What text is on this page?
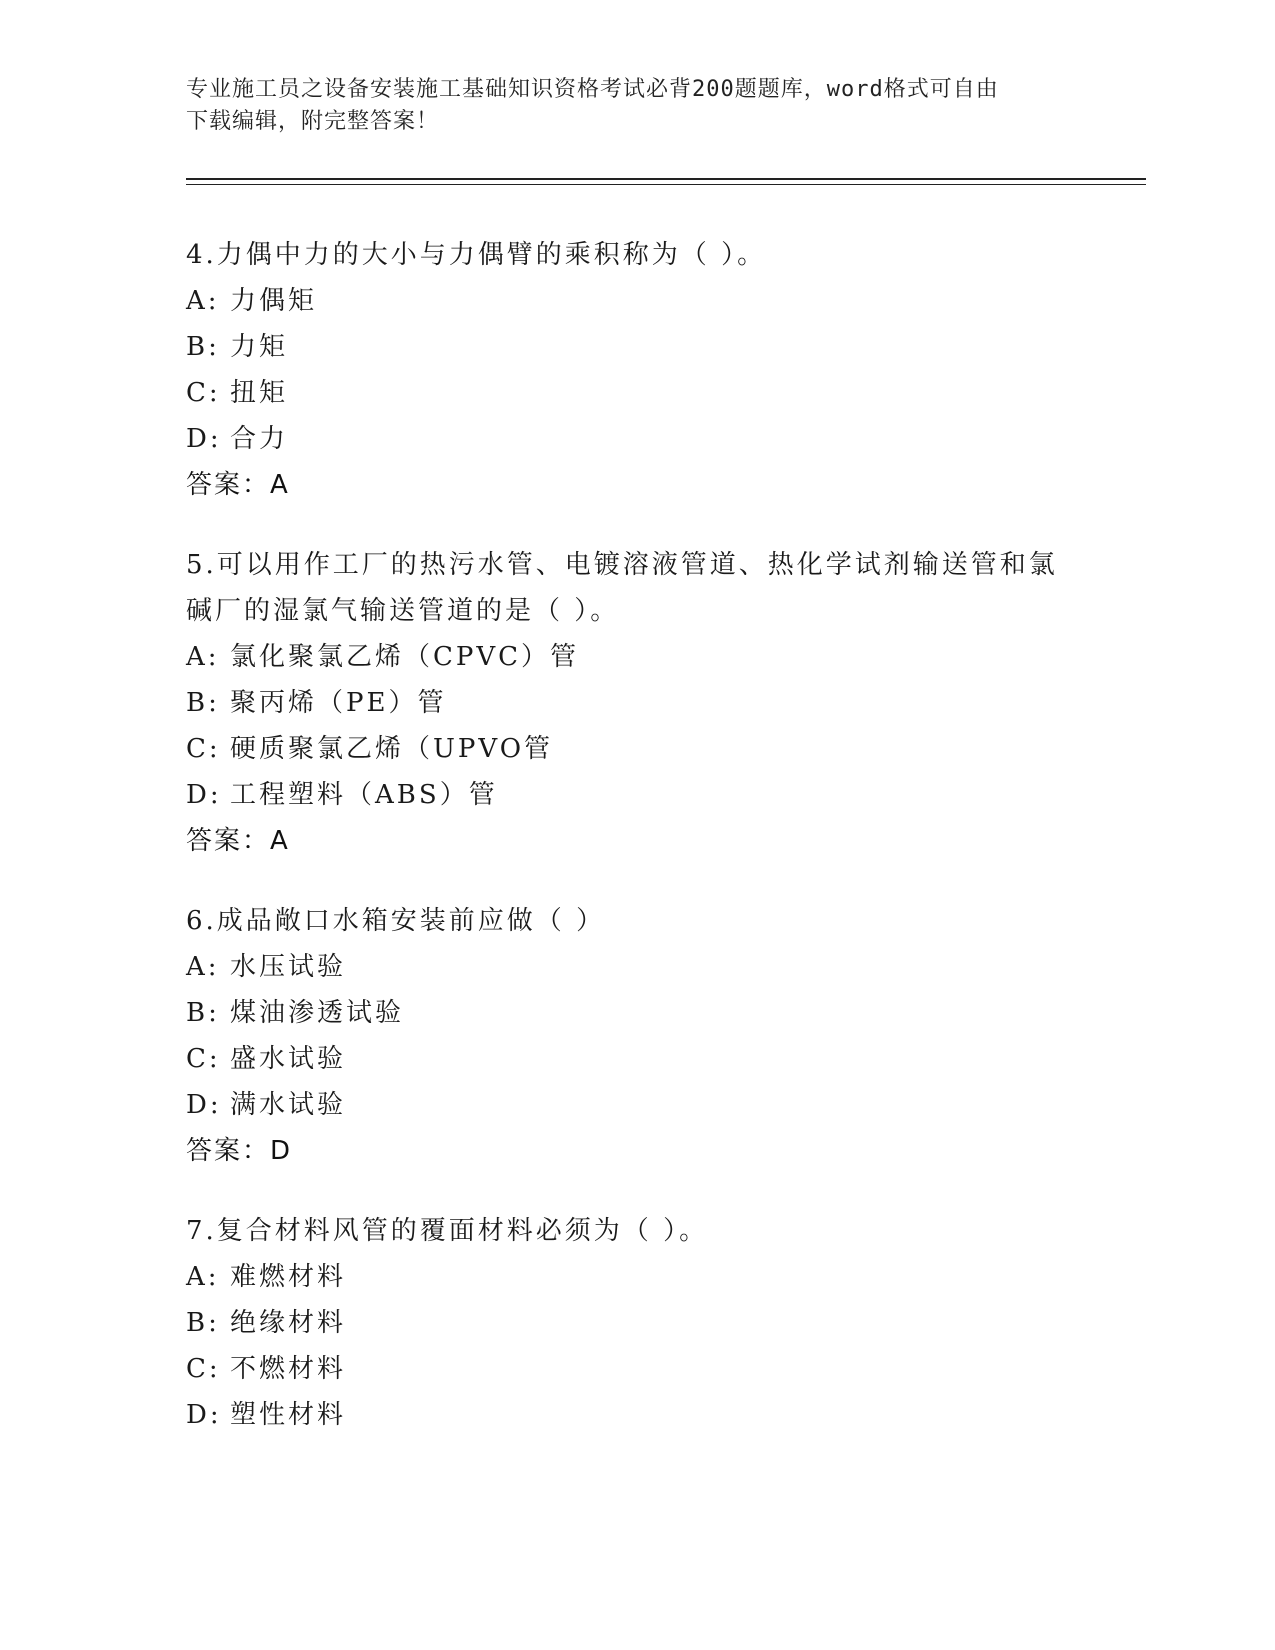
专业施工员之设备安装施工基础知识资格考试必背200题题库，word格式可自由
下载编辑，附完整答案！

4.力偶中力的大小与力偶臂的乘积称为（ ）。

A: 力偶矩

B: 力矩

C: 扭矩

D: 合力

答案：A

5.可以用作工厂的热污水管、电镀溶液管道、热化学试剂输送管和氯

碱厂的湿氯气输送管道的是（ ）。

A: 氯化聚氯乙烯（CPVC）管

B: 聚丙烯（PE）管

C: 硬质聚氯乙烯（UPVO管

D: 工程塑料（ABS）管

答案：A

6.成品敞口水箱安装前应做（ ）

A: 水压试验

B: 煤油渗透试验

C: 盛水试验

D: 满水试验

答案：D

7.复合材料风管的覆面材料必须为（ ）。

A: 难燃材料

B: 绝缘材料

C: 不燃材料

D: 塑性材料
